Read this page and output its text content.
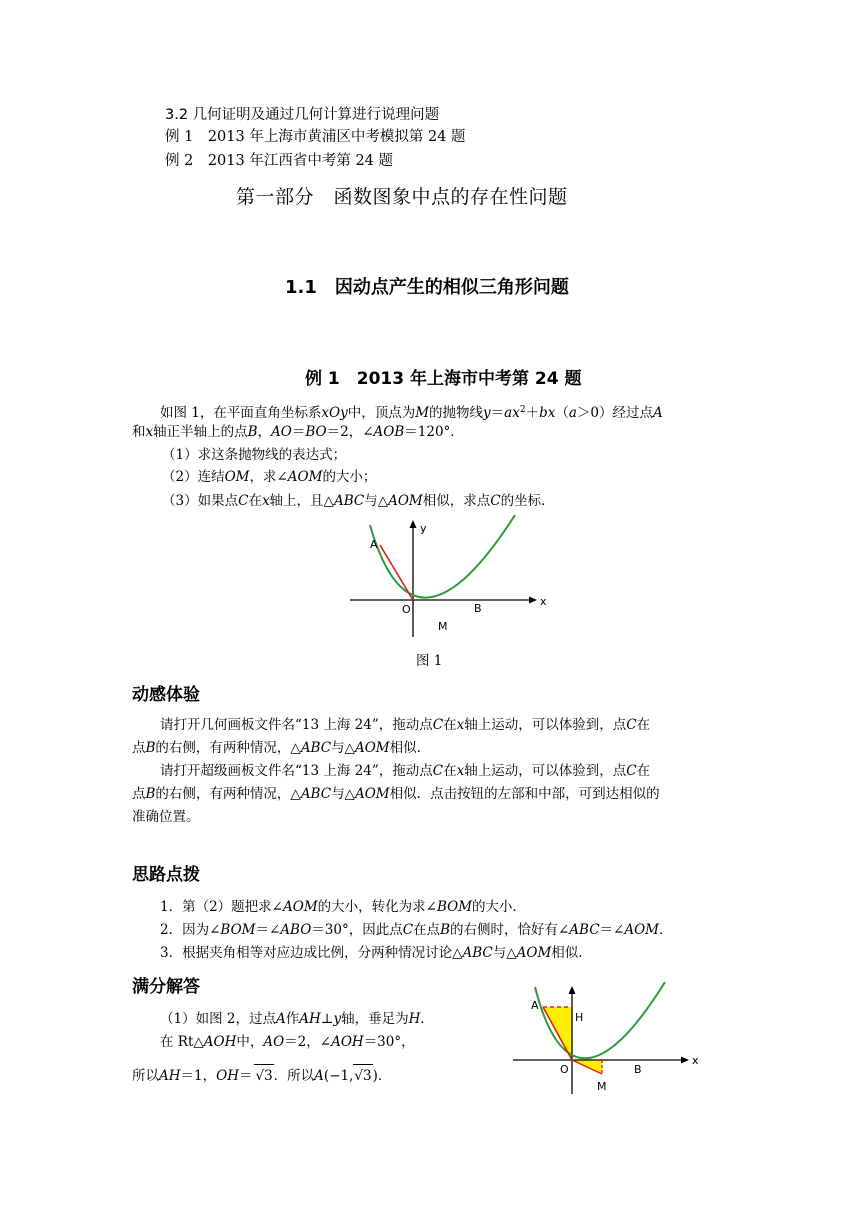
3.2 几何证明及通过几何计算进行说理问题
例 1　2013 年上海市黄浦区中考模拟第 24 题
例 2　2013 年江西省中考第 24 题
第一部分　函数图象中点的存在性问题
1.1　因动点产生的相似三角形问题
例 1　2013 年上海市中考第 24 题
如图 1，在平面直角坐标系xOy中，顶点为M的抛物线$y=ax^2+bx(a>0)$经过点A
和x轴正半轴上的点B，AO＝BO＝2，∠AOB＝120°．
（1）求这条抛物线的表达式；
（2）连结OM，求∠AOM的大小；
（3）如果点C在x轴上，且△ABC与△AOM相似，求点C的坐标．
A
y
O	B
x
M
图 1
动感体验
请打开几何画板文件名“13 上海 24”，拖动点C在x轴上运动，可以体验到，点C在
点B的右侧，有两种情况，△ABC与△AOM相似．
请打开超级画板文件名“13 上海 24”，拖动点C在x轴上运动，可以体验到，点C在
点B的右侧，有两种情况，△ABC与△AOM相似．点击按钮的左部和中部，可到达相似的
准确位置。
思路点拨
1．第（2）题把求∠AOM的大小，转化为求∠BOM的大小．
2．因为∠BOM＝∠ABO＝30°，因此点C在点B的右侧时，恰好有∠ABC＝∠AOM．
3．根据夹角相等对应边成比例，分两种情况讨论△ABC与△AOM相似．
满分解答
（1）如图 2，过点A作AH⊥y轴，垂足为H．
在 Rt△AOH中，AO＝2，∠AOH＝30°，
所以AH＝1，OH＝ √3．所以A(−1,√3)．
A
H
O	B
x
M
